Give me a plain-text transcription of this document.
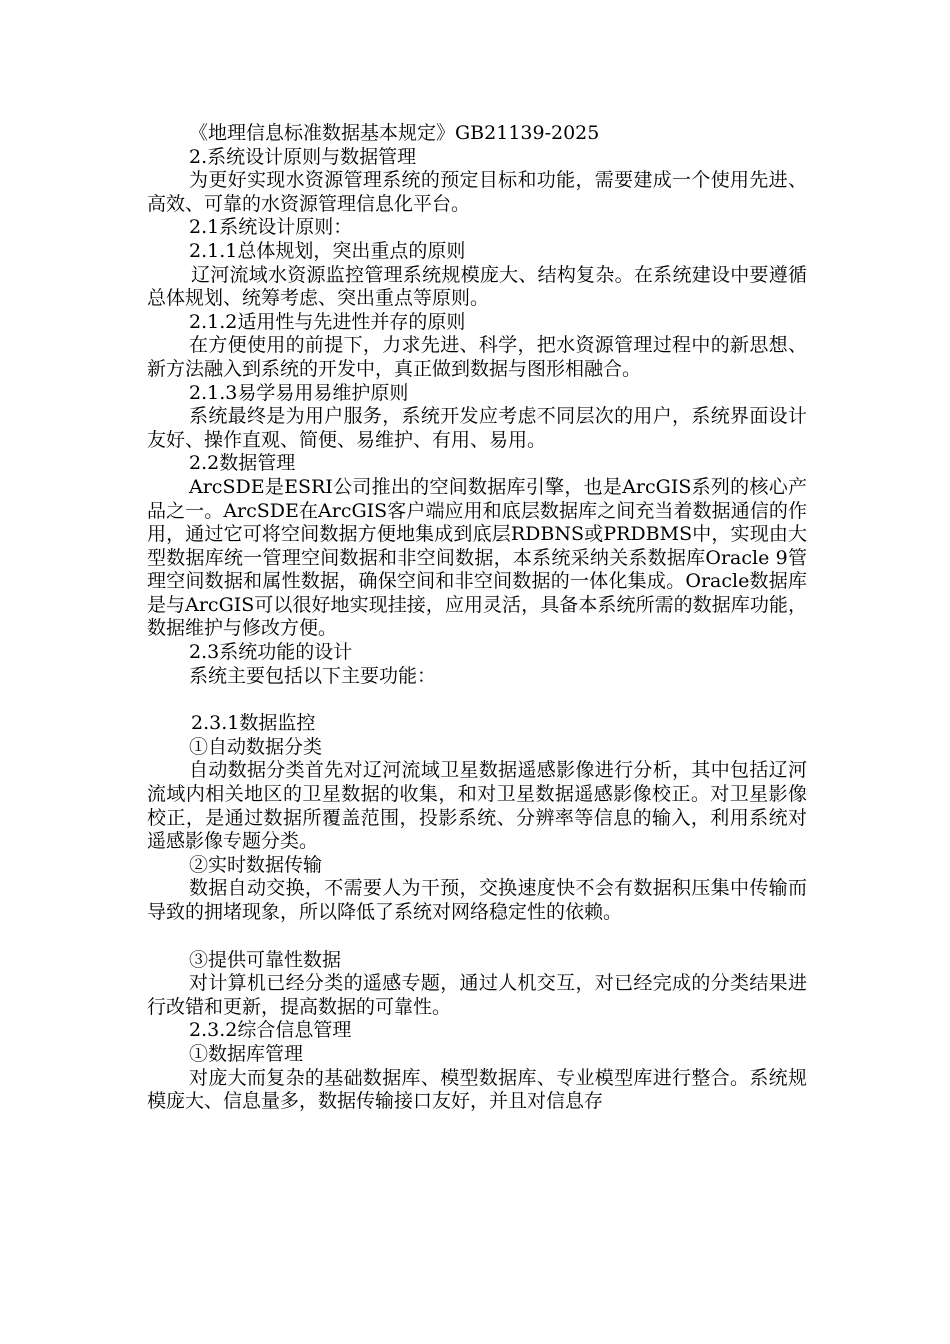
《地理信息标准数据基本规定》GB21139-2025

2.系统设计原则与数据管理

为更好实现水资源管理系统的预定目标和功能，需要建成一个使用先进、高效、可靠的水资源管理信息化平台。

2.1系统设计原则：

2.1.1总体规划，突出重点的原则

辽河流域水资源监控管理系统规模庞大、结构复杂。在系统建设中要遵循总体规划、统筹考虑、突出重点等原则。

2.1.2适用性与先进性并存的原则

在方便使用的前提下，力求先进、科学，把水资源管理过程中的新思想、新方法融入到系统的开发中，真正做到数据与图形相融合。

2.1.3易学易用易维护原则

系统最终是为用户服务，系统开发应考虑不同层次的用户，系统界面设计友好、操作直观、简便、易维护、有用、易用。

2.2数据管理

ArcSDE是ESRI公司推出的空间数据库引擎，也是ArcGIS系列的核心产品之一。ArcSDE在ArcGIS客户端应用和底层数据库之间充当着数据通信的作用，通过它可将空间数据方便地集成到底层RDBNS或PRDBMS中，实现由大型数据库统一管理空间数据和非空间数据，本系统采纳关系数据库Oracle 9管理空间数据和属性数据，确保空间和非空间数据的一体化集成。Oracle数据库是与ArcGIS可以很好地实现挂接，应用灵活，具备本系统所需的数据库功能，数据维护与修改方便。

2.3系统功能的设计

系统主要包括以下主要功能：

2.3.1数据监控

①自动数据分类

自动数据分类首先对辽河流域卫星数据遥感影像进行分析，其中包括辽河流域内相关地区的卫星数据的收集，和对卫星数据遥感影像校正。对卫星影像校正，是通过数据所覆盖范围，投影系统、分辨率等信息的输入，利用系统对遥感影像专题分类。

②实时数据传输

数据自动交换，不需要人为干预，交换速度快不会有数据积压集中传输而导致的拥堵现象，所以降低了系统对网络稳定性的依赖。

③提供可靠性数据

对计算机已经分类的遥感专题，通过人机交互，对已经完成的分类结果进行改错和更新，提高数据的可靠性。

2.3.2综合信息管理

①数据库管理

对庞大而复杂的基础数据库、模型数据库、专业模型库进行整合。系统规模庞大、信息量多，数据传输接口友好，并且对信息存
